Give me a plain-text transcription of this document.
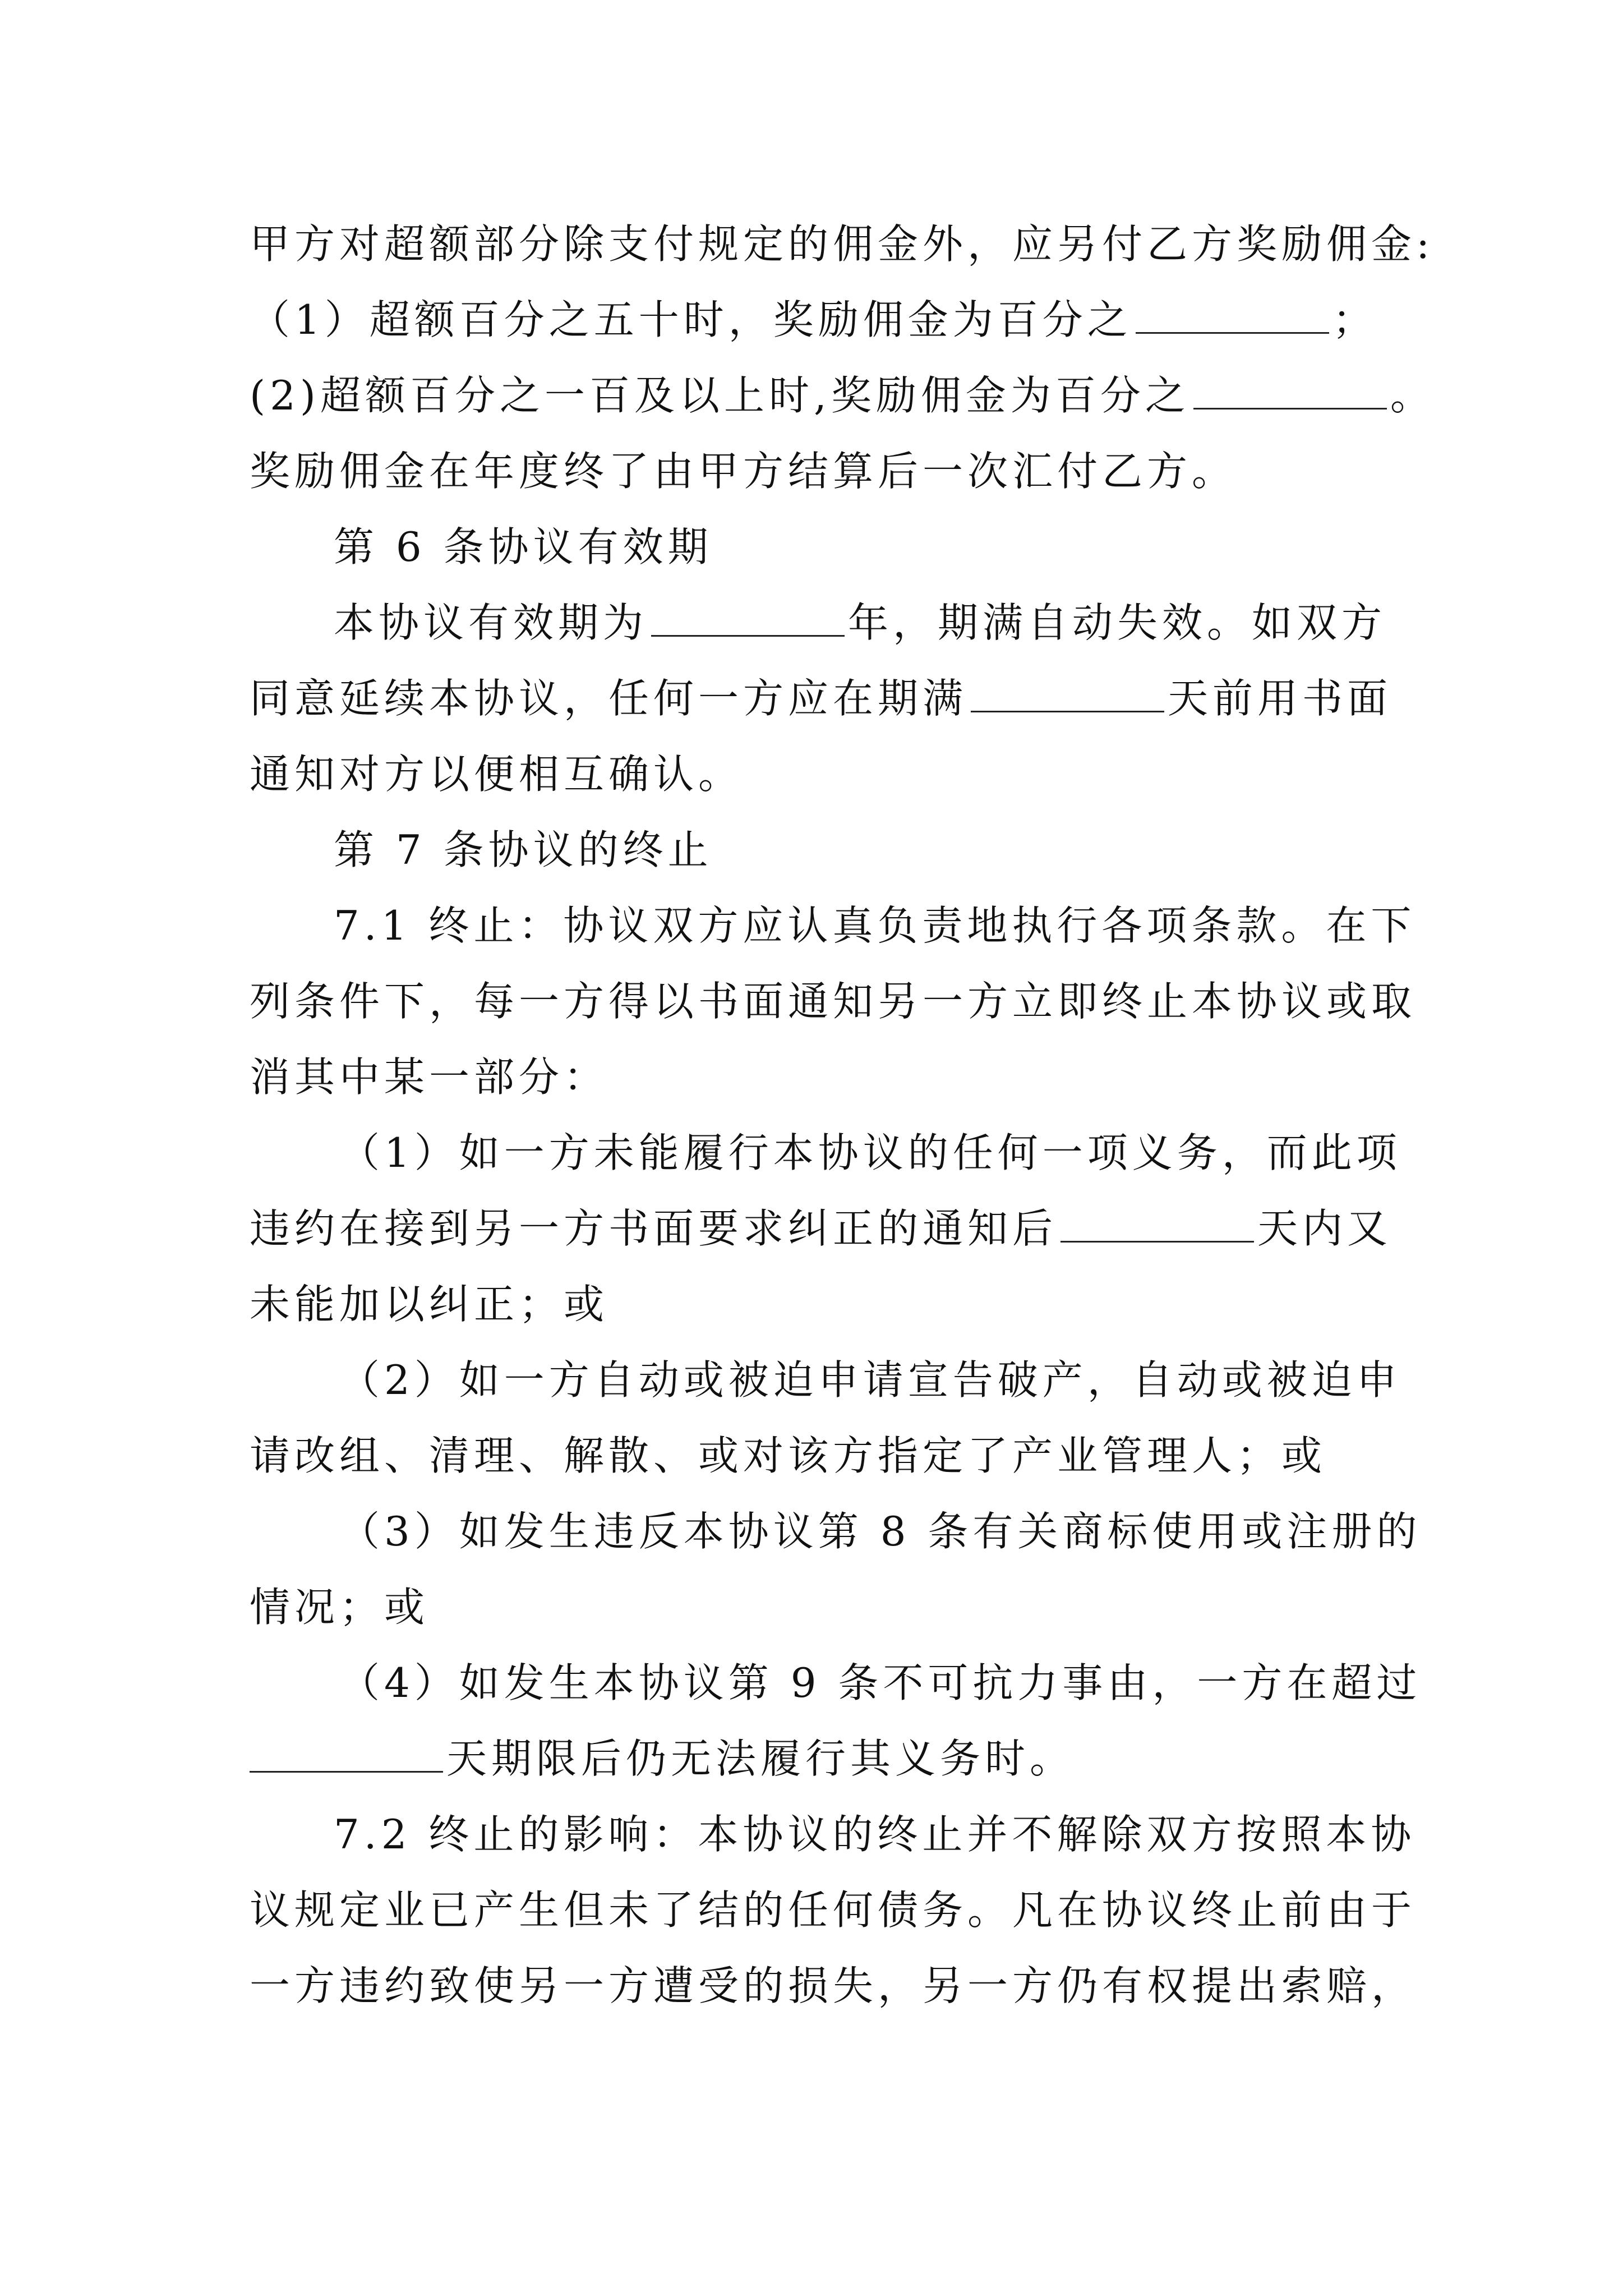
甲方对超额部分除支付规定的佣金外，应另付乙方奖励佣金:
（1）超额百分之五十时，奖励佣金为百分之	；
(2)超额百分之一百及以上时,奖励佣金为百分之	。
奖励佣金在年度终了由甲方结算后一次汇付乙方。
第 6 条协议有效期
本协议有效期为	年，期满自动失效。如双方
同意延续本协议，任何一方应在期满	天前用书面
通知对方以便相互确认。
第 7 条协议的终止
7.1 终止：协议双方应认真负责地执行各项条款。在下
列条件下，每一方得以书面通知另一方立即终止本协议或取
消其中某一部分：
（1）如一方未能履行本协议的任何一项义务，而此项
违约在接到另一方书面要求纠正的通知后	天内又
未能加以纠正；或
（2）如一方自动或被迫申请宣告破产，自动或被迫申
请改组、清理、解散、或对该方指定了产业管理人；或
（3）如发生违反本协议第 8 条有关商标使用或注册的
情况；或
（4）如发生本协议第 9 条不可抗力事由，一方在超过
天期限后仍无法履行其义务时。
7.2 终止的影响：本协议的终止并不解除双方按照本协
议规定业已产生但未了结的任何债务。凡在协议终止前由于
一方违约致使另一方遭受的损失，另一方仍有权提出索赔，
